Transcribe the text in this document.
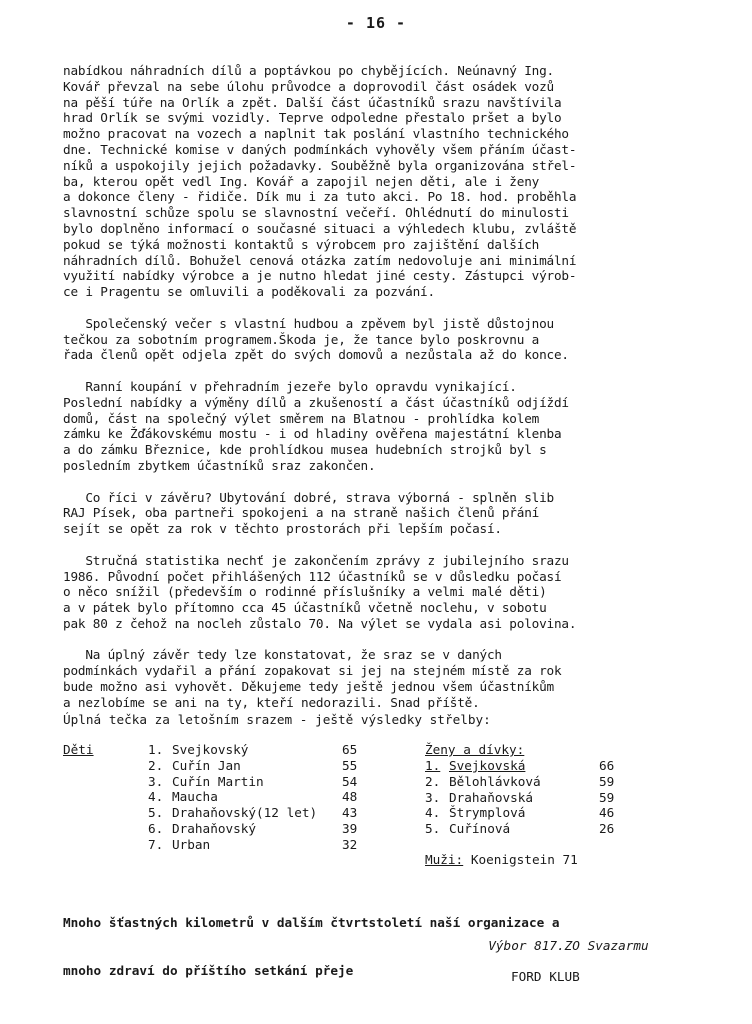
- 16 -
nabídkou náhradních dílů a poptávkou po chybějících. Neúnavný Ing.
Kovář převzal na sebe úlohu průvodce a doprovodil část osádek vozů
na pěší túře na Orlík a zpět. Další část účastníků srazu navštívila
hrad Orlík se svými vozidly. Teprve odpoledne přestalo pršet a bylo
možno pracovat na vozech a naplnit tak poslání vlastního technického
dne. Technické komise v daných podmínkách vyhověly všem přáním účast-
níků a uspokojily jejich požadavky. Souběžně byla organizována střel-
ba, kterou opět vedl Ing. Kovář a zapojil nejen děti, ale i ženy
a dokonce členy - řidiče. Dík mu i za tuto akci. Po 18. hod. proběhla
slavnostní schůze spolu se slavnostní večeří. Ohlédnutí do minulosti
bylo doplněno informací o současné situaci a výhledech klubu, zvláště
pokud se týká možnosti kontaktů s výrobcem pro zajištění dalších
náhradních dílů. Bohužel cenová otázka zatím nedovoluje ani minimální
využití nabídky výrobce a je nutno hledat jiné cesty. Zástupci výrob-
ce i Pragentu se omluvili a poděkovali za pozvání.
Společenský večer s vlastní hudbou a zpěvem byl jistě důstojnou
tečkou za sobotním programem.Škoda je, že tance bylo poskrovnu a
řada členů opět odjela zpět do svých domovů a nezůstala až do konce.
Ranní koupání v přehradním jezeře bylo opravdu vynikající.
Poslední nabídky a výměny dílů a zkušeností a část účastníků odjíždí
domů, část na společný výlet směrem na Blatnou - prohlídka kolem
zámku ke Žďákovskému mostu - i od hladiny ověřena majestátní klenba
a do zámku Březnice, kde prohlídkou musea hudebních strojků byl s
posledním zbytkem účastníků sraz zakončen.
Co říci v závěru? Ubytování dobré, strava výborná - splněn slib
RAJ Písek, oba partneři spokojeni a na straně našich členů přání
sejít se opět za rok v těchto prostorách při lepším počasí.
Stručná statistika nechť je zakončením zprávy z jubilejního srazu
1986. Původní počet přihlášených 112 účastníků se v důsledku počasí
o něco snížil (především o rodinné příslušníky a velmi malé děti)
a v pátek bylo přítomno cca 45 účastníků včetně noclehu, v sobotu
pak 80 z čehož na nocleh zůstalo 70. Na výlet se vydala asi polovina.
Na úplný závěr tedy lze konstatovat, že sraz se v daných
podmínkách vydařil a přání zopakovat si jej na stejném místě za rok
bude možno asi vyhovět. Děkujeme tedy ještě jednou všem účastníkům
a nezlobíme se ani na ty, kteří nedorazili. Snad příště.
Úplná tečka za letošním srazem - ještě výsledky střelby:
Děti	1. Svejkovský	65
2. Cuřín Jan	55
3. Cuřín Martin	54
4. Maucha	48
5. Drahaňovský(12 let)	43
6. Drahaňovský	39
7. Urban	32
Ženy a dívky:
1. Svejkovská	66
2. Bělohlávková	59
3. Drahaňovská	59
4. Štrymplová	46
5. Cuřínová	26
Muži: Koenigstein 71

Mnoho šťastných kilometrů v dalším čtvrtstoletí naší organizace a

mnoho zdraví do příštího setkání přeje

Výbor 817.ZO Svazarmu

FORD KLUB
